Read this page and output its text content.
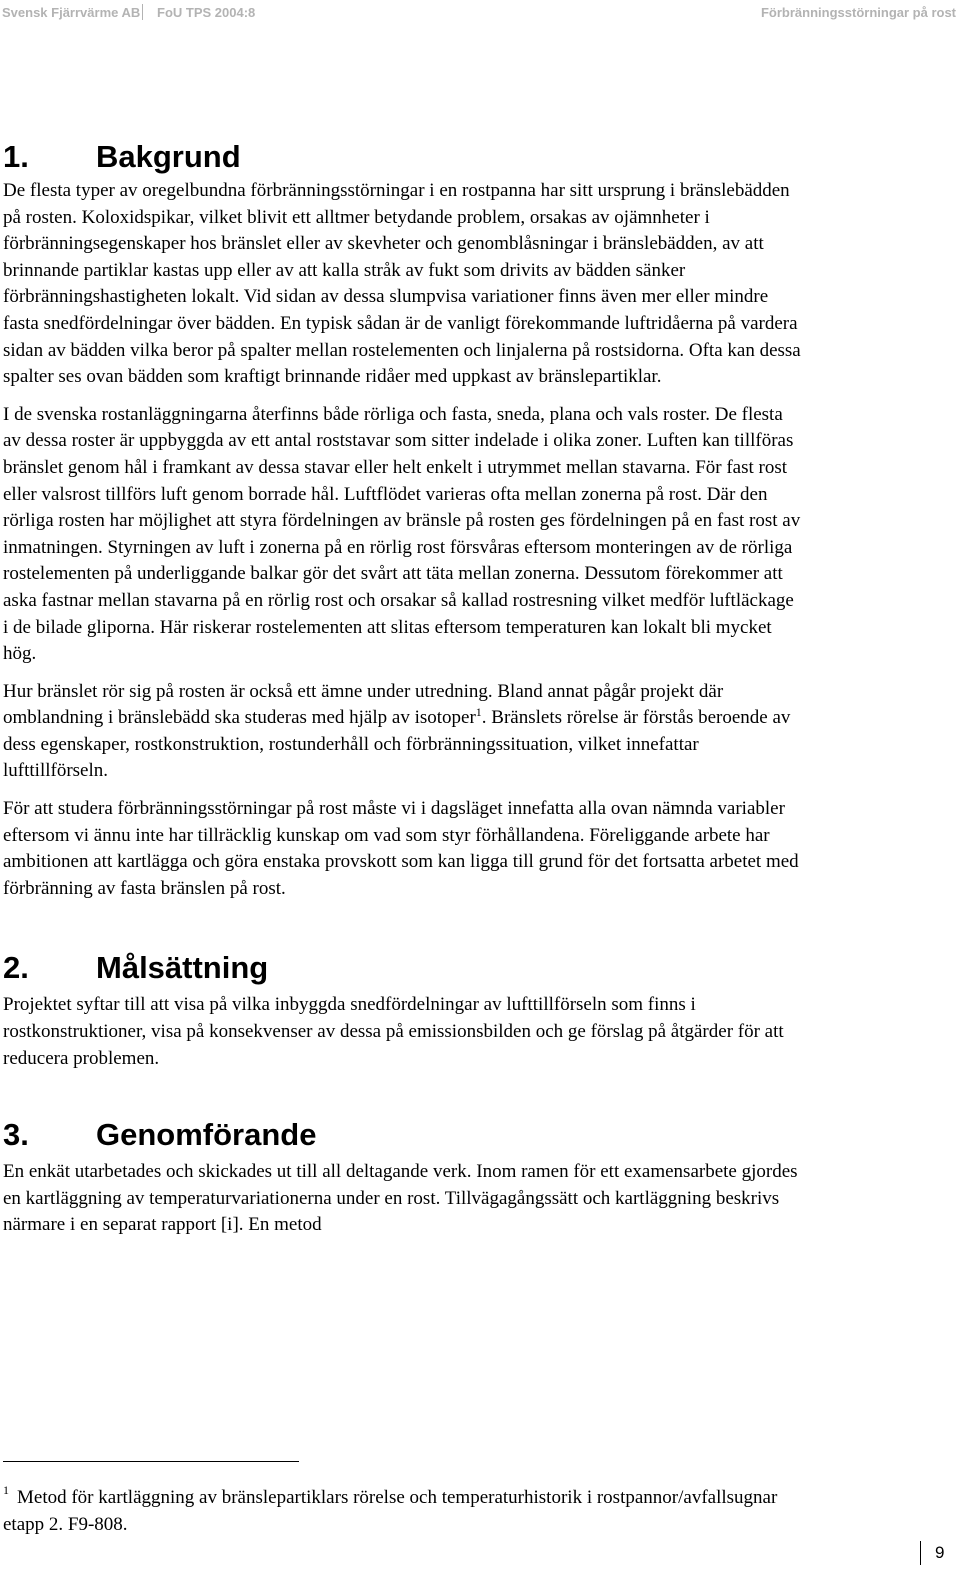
Svensk Fjärrvärme AB FoU TPS 2004:8	Förbränningsstörningar på rost
1. Bakgrund

De flesta typer av oregelbundna förbränningsstörningar i en rostpanna har sitt ursprung i bränslebädden på rosten. Koloxidspikar, vilket blivit ett alltmer betydande problem, orsakas av ojämnheter i förbränningsegenskaper hos bränslet eller av skevheter och genomblåsningar i bränslebädden, av att brinnande partiklar kastas upp eller av att kalla stråk av fukt som drivits av bädden sänker förbränningshastigheten lokalt. Vid sidan av dessa slumpvisa variationer finns även mer eller mindre fasta snedfördelningar över bädden. En typisk sådan är de vanligt förekommande luftridåerna på vardera sidan av bädden vilka beror på spalter mellan rostelementen och linjalerna på rostsidorna. Ofta kan dessa spalter ses ovan bädden som kraftigt brinnande ridåer med uppkast av bränslepartiklar.

I de svenska rostanläggningarna återfinns både rörliga och fasta, sneda, plana och vals roster. De flesta av dessa roster är uppbyggda av ett antal roststavar som sitter indelade i olika zoner. Luften kan tillföras bränslet genom hål i framkant av dessa stavar eller helt enkelt i utrymmet mellan stavarna. För fast rost eller valsrost tillförs luft genom borrade hål. Luftflödet varieras ofta mellan zonerna på rost. Där den rörliga rosten har möjlighet att styra fördelningen av bränsle på rosten ges fördelningen på en fast rost av inmatningen. Styrningen av luft i zonerna på en rörlig rost försvåras eftersom monteringen av de rörliga rostelementen på underliggande balkar gör det svårt att täta mellan zonerna. Dessutom förekommer att aska fastnar mellan stavarna på en rörlig rost och orsakar så kallad rostresning vilket medför luftläckage i de bilade gliporna. Här riskerar rostelementen att slitas eftersom temperaturen kan lokalt bli mycket hög.

Hur bränslet rör sig på rosten är också ett ämne under utredning. Bland annat pågår projekt där omblandning i bränslebädd ska studeras med hjälp av isotoper$^1$. Bränslets rörelse är förstås beroende av dess egenskaper, rostkonstruktion, rostunderhåll och förbränningssituation, vilket innefattar lufttillförseln.

För att studera förbränningsstörningar på rost måste vi i dagsläget innefatta alla ovan nämnda variabler eftersom vi ännu inte har tillräcklig kunskap om vad som styr förhållandena. Föreliggande arbete har ambitionen att kartlägga och göra enstaka provskott som kan ligga till grund för det fortsatta arbetet med förbränning av fasta bränslen på rost.

2. Målsättning

Projektet syftar till att visa på vilka inbyggda snedfördelningar av lufttillförseln som finns i rostkonstruktioner, visa på konsekvenser av dessa på emissionsbilden och ge förslag på åtgärder för att reducera problemen.

3. Genomförande

En enkät utarbetades och skickades ut till all deltagande verk. Inom ramen för ett examensarbete gjordes en kartläggning av temperaturvariationerna under en rost. Tillvägagångssätt och kartläggning beskrivs närmare i en separat rapport [i]. En metod

$^1$ Metod för kartläggning av bränslepartiklars rörelse och temperaturhistorik i rostpannor/avfallsugnar etapp 2. F9-808.
9
